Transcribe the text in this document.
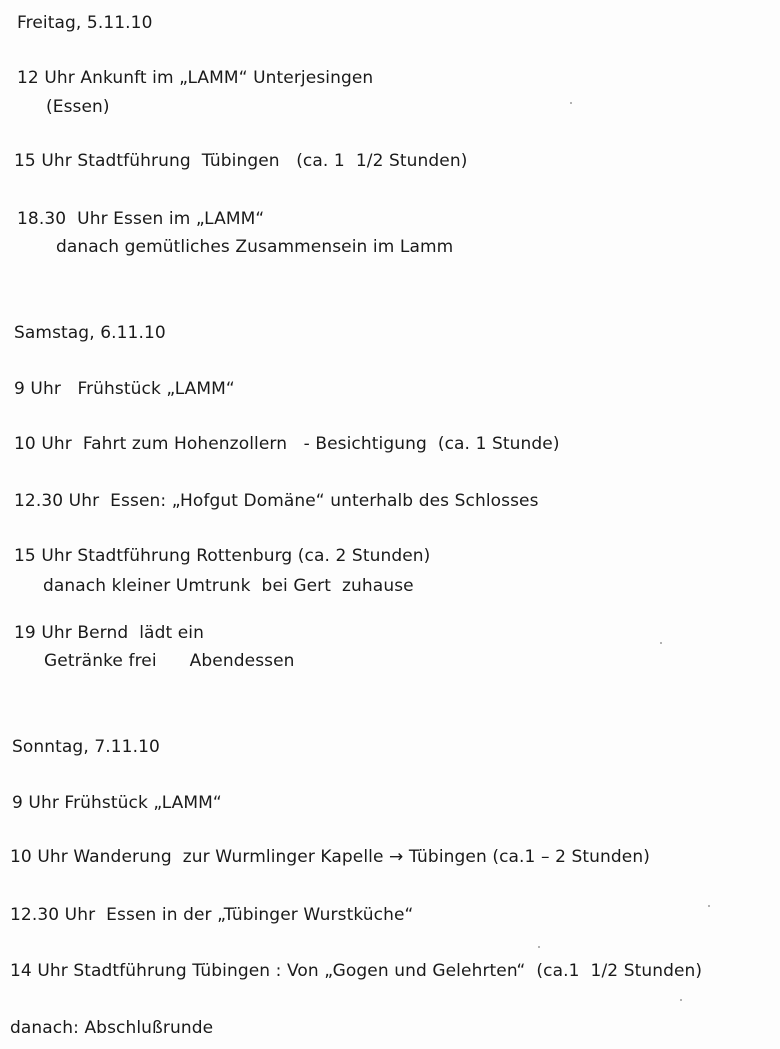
Freitag, 5.11.10
12 Uhr Ankunft im „LAMM“ Unterjesingen
(Essen)
15 Uhr Stadtführung  Tübingen   (ca. 1  1/2 Stunden)
18.30  Uhr Essen im „LAMM“
danach gemütliches Zusammensein im Lamm
Samstag, 6.11.10
9 Uhr   Frühstück „LAMM“
10 Uhr  Fahrt zum Hohenzollern   - Besichtigung  (ca. 1 Stunde)
12.30 Uhr  Essen: „Hofgut Domäne“ unterhalb des Schlosses
15 Uhr Stadtführung Rottenburg (ca. 2 Stunden)
danach kleiner Umtrunk  bei Gert  zuhause
19 Uhr Bernd  lädt ein
Getränke frei      Abendessen
Sonntag, 7.11.10
9 Uhr Frühstück „LAMM“
10 Uhr Wanderung  zur Wurmlinger Kapelle → Tübingen (ca.1 – 2 Stunden)
12.30 Uhr  Essen in der „Tübinger Wurstküche“
14 Uhr Stadtführung Tübingen : Von „Gogen und Gelehrten“  (ca.1  1/2 Stunden)
danach: Abschlußrunde
